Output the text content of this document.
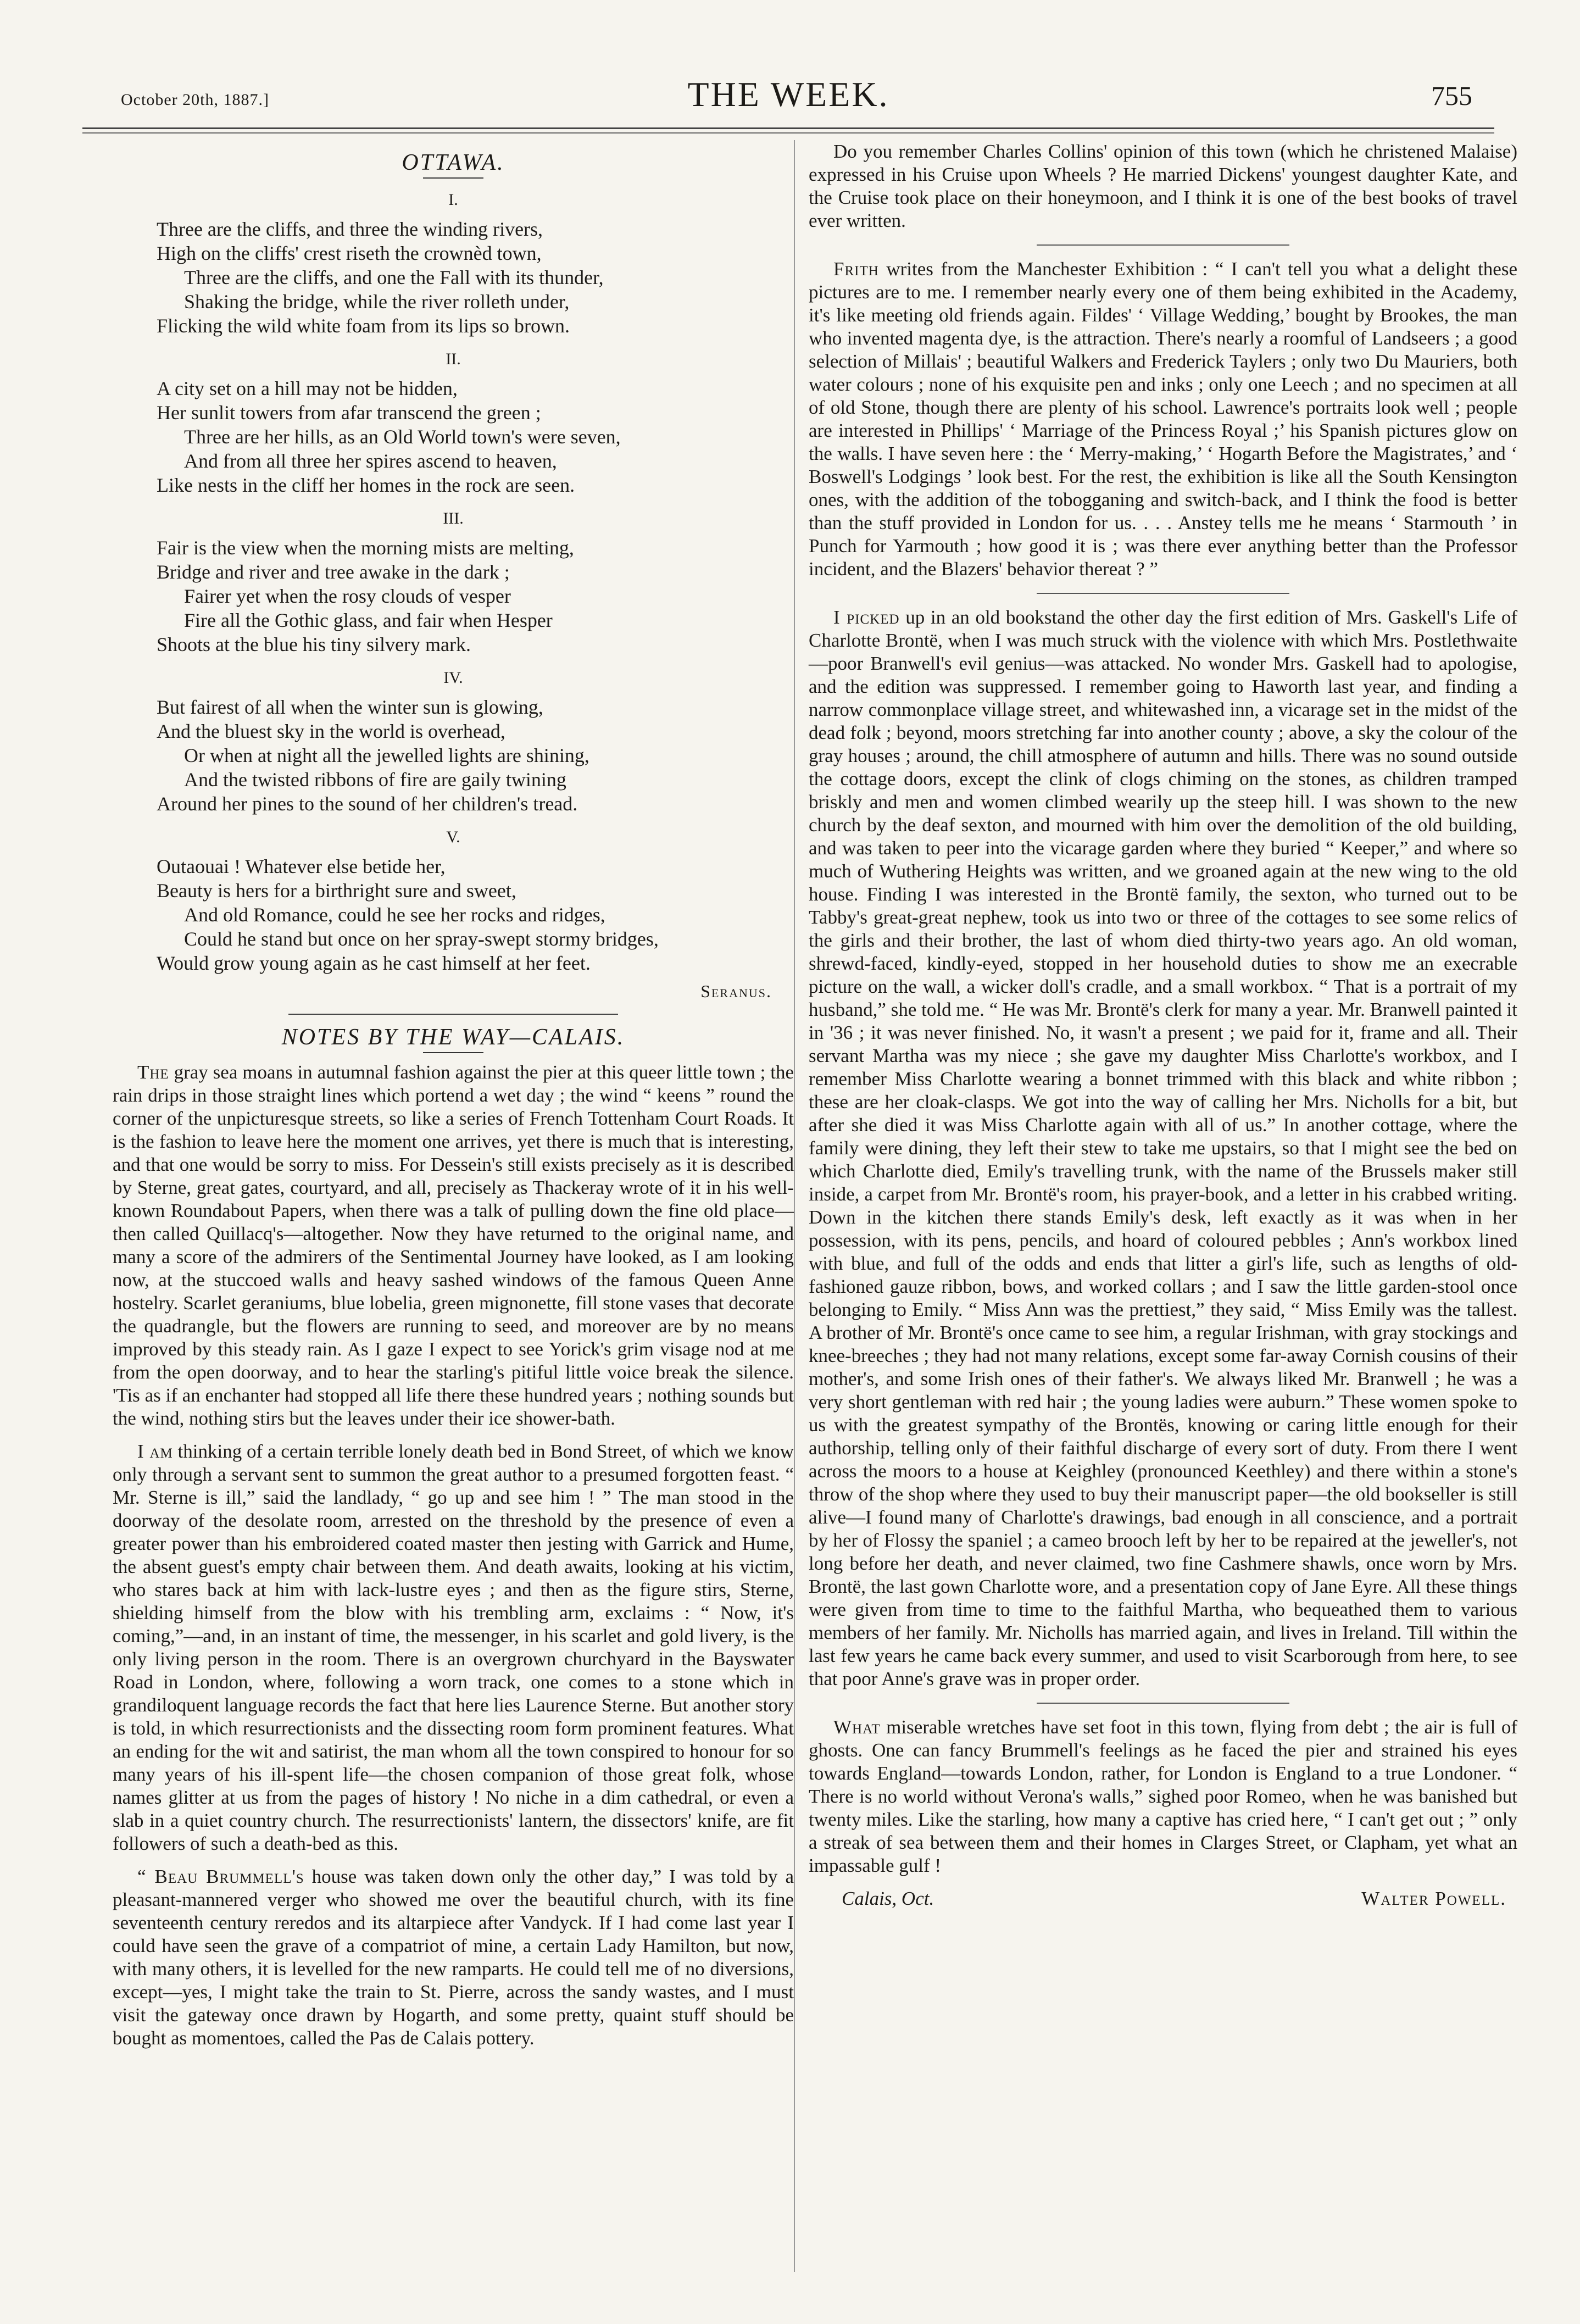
October 20th, 1887.]	THE WEEK.	755
OTTAWA.
I.
Three are the cliffs, and three the winding rivers,
High on the cliffs' crest riseth the crownèd town,
Three are the cliffs, and one the Fall with its thunder,
Shaking the bridge, while the river rolleth under,
Flicking the wild white foam from its lips so brown.
II.
A city set on a hill may not be hidden,
Her sunlit towers from afar transcend the green ;
Three are her hills, as an Old World town's were seven,
And from all three her spires ascend to heaven,
Like nests in the cliff her homes in the rock are seen.
III.
Fair is the view when the morning mists are melting,
Bridge and river and tree awake in the dark ;
Fairer yet when the rosy clouds of vesper
Fire all the Gothic glass, and fair when Hesper
Shoots at the blue his tiny silvery mark.
IV.
But fairest of all when the winter sun is glowing,
And the bluest sky in the world is overhead,
Or when at night all the jewelled lights are shining,
And the twisted ribbons of fire are gaily twining
Around her pines to the sound of her children's tread.
V.
Outaouai ! Whatever else betide her,
Beauty is hers for a birthright sure and sweet,
And old Romance, could he see her rocks and ridges,
Could he stand but once on her spray-swept stormy bridges,
Would grow young again as he cast himself at her feet.
Seranus.
NOTES BY THE WAY—CALAIS.

The gray sea moans in autumnal fashion against the pier at this queer little town ; the rain drips in those straight lines which portend a wet day ; the wind “ keens ” round the corner of the unpicturesque streets, so like a series of French Tottenham Court Roads. It is the fashion to leave here the moment one arrives, yet there is much that is interesting, and that one would be sorry to miss. For Dessein's still exists precisely as it is described by Sterne, great gates, courtyard, and all, precisely as Thackeray wrote of it in his well-known Roundabout Papers, when there was a talk of pulling down the fine old place—then called Quillacq's—altogether. Now they have returned to the original name, and many a score of the admirers of the Sentimental Journey have looked, as I am looking now, at the stuccoed walls and heavy sashed windows of the famous Queen Anne hostelry. Scarlet geraniums, blue lobelia, green mignonette, fill stone vases that decorate the quadrangle, but the flowers are running to seed, and moreover are by no means improved by this steady rain. As I gaze I expect to see Yorick's grim visage nod at me from the open doorway, and to hear the starling's pitiful little voice break the silence. 'Tis as if an enchanter had stopped all life there these hundred years ; nothing sounds but the wind, nothing stirs but the leaves under their ice shower-bath.

I am thinking of a certain terrible lonely death bed in Bond Street, of which we know only through a servant sent to summon the great author to a presumed forgotten feast. “ Mr. Sterne is ill,” said the landlady, “ go up and see him ! ” The man stood in the doorway of the desolate room, arrested on the threshold by the presence of even a greater power than his embroidered coated master then jesting with Garrick and Hume, the absent guest's empty chair between them. And death awaits, looking at his victim, who stares back at him with lack-lustre eyes ; and then as the figure stirs, Sterne, shielding himself from the blow with his trembling arm, exclaims : “ Now, it's coming,”—and, in an instant of time, the messenger, in his scarlet and gold livery, is the only living person in the room. There is an overgrown churchyard in the Bayswater Road in London, where, following a worn track, one comes to a stone which in grandiloquent language records the fact that here lies Laurence Sterne. But another story is told, in which resurrectionists and the dissecting room form prominent features. What an ending for the wit and satirist, the man whom all the town conspired to honour for so many years of his ill-spent life—the chosen companion of those great folk, whose names glitter at us from the pages of history ! No niche in a dim cathedral, or even a slab in a quiet country church. The resurrectionists' lantern, the dissectors' knife, are fit followers of such a death-bed as this.

“ Beau Brummell's house was taken down only the other day,” I was told by a pleasant-mannered verger who showed me over the beautiful church, with its fine seventeenth century reredos and its altarpiece after Vandyck. If I had come last year I could have seen the grave of a compatriot of mine, a certain Lady Hamilton, but now, with many others, it is levelled for the new ramparts. He could tell me of no diversions, except—yes, I might take the train to St. Pierre, across the sandy wastes, and I must visit the gateway once drawn by Hogarth, and some pretty, quaint stuff should be bought as momentoes, called the Pas de Calais pottery.

Do you remember Charles Collins' opinion of this town (which he christened Malaise) expressed in his Cruise upon Wheels ? He married Dickens' youngest daughter Kate, and the Cruise took place on their honeymoon, and I think it is one of the best books of travel ever written.

Frith writes from the Manchester Exhibition : “ I can't tell you what a delight these pictures are to me. I remember nearly every one of them being exhibited in the Academy, it's like meeting old friends again. Fildes' ‘ Village Wedding,’ bought by Brookes, the man who invented magenta dye, is the attraction. There's nearly a roomful of Landseers ; a good selection of Millais' ; beautiful Walkers and Frederick Taylers ; only two Du Mauriers, both water colours ; none of his exquisite pen and inks ; only one Leech ; and no specimen at all of old Stone, though there are plenty of his school. Lawrence's portraits look well ; people are interested in Phillips' ‘ Marriage of the Princess Royal ;’ his Spanish pictures glow on the walls. I have seven here : the ‘ Merry-making,’ ‘ Hogarth Before the Magistrates,’ and ‘ Boswell's Lodgings ’ look best. For the rest, the exhibition is like all the South Kensington ones, with the addition of the tobogganing and switch-back, and I think the food is better than the stuff provided in London for us. . . . Anstey tells me he means ‘ Starmouth ’ in Punch for Yarmouth ; how good it is ; was there ever anything better than the Professor incident, and the Blazers' behavior thereat ? ”

I picked up in an old bookstand the other day the first edition of Mrs. Gaskell's Life of Charlotte Brontë, when I was much struck with the violence with which Mrs. Postlethwaite—poor Branwell's evil genius—was attacked. No wonder Mrs. Gaskell had to apologise, and the edition was suppressed. I remember going to Haworth last year, and finding a narrow commonplace village street, and whitewashed inn, a vicarage set in the midst of the dead folk ; beyond, moors stretching far into another county ; above, a sky the colour of the gray houses ; around, the chill atmosphere of autumn and hills. There was no sound outside the cottage doors, except the clink of clogs chiming on the stones, as children tramped briskly and men and women climbed wearily up the steep hill. I was shown to the new church by the deaf sexton, and mourned with him over the demolition of the old building, and was taken to peer into the vicarage garden where they buried “ Keeper,” and where so much of Wuthering Heights was written, and we groaned again at the new wing to the old house. Finding I was interested in the Brontë family, the sexton, who turned out to be Tabby's great-great nephew, took us into two or three of the cottages to see some relics of the girls and their brother, the last of whom died thirty-two years ago. An old woman, shrewd-faced, kindly-eyed, stopped in her household duties to show me an execrable picture on the wall, a wicker doll's cradle, and a small workbox. “ That is a portrait of my husband,” she told me. “ He was Mr. Brontë's clerk for many a year. Mr. Branwell painted it in '36 ; it was never finished. No, it wasn't a present ; we paid for it, frame and all. Their servant Martha was my niece ; she gave my daughter Miss Charlotte's workbox, and I remember Miss Charlotte wearing a bonnet trimmed with this black and white ribbon ; these are her cloak-clasps. We got into the way of calling her Mrs. Nicholls for a bit, but after she died it was Miss Charlotte again with all of us.” In another cottage, where the family were dining, they left their stew to take me upstairs, so that I might see the bed on which Charlotte died, Emily's travelling trunk, with the name of the Brussels maker still inside, a carpet from Mr. Brontë's room, his prayer-book, and a letter in his crabbed writing. Down in the kitchen there stands Emily's desk, left exactly as it was when in her possession, with its pens, pencils, and hoard of coloured pebbles ; Ann's workbox lined with blue, and full of the odds and ends that litter a girl's life, such as lengths of old-fashioned gauze ribbon, bows, and worked collars ; and I saw the little garden-stool once belonging to Emily. “ Miss Ann was the prettiest,” they said, “ Miss Emily was the tallest. A brother of Mr. Brontë's once came to see him, a regular Irishman, with gray stockings and knee-breeches ; they had not many relations, except some far-away Cornish cousins of their mother's, and some Irish ones of their father's. We always liked Mr. Branwell ; he was a very short gentleman with red hair ; the young ladies were auburn.” These women spoke to us with the greatest sympathy of the Brontës, knowing or caring little enough for their authorship, telling only of their faithful discharge of every sort of duty. From there I went across the moors to a house at Keighley (pronounced Keethley) and there within a stone's throw of the shop where they used to buy their manuscript paper—the old bookseller is still alive—I found many of Charlotte's drawings, bad enough in all conscience, and a portrait by her of Flossy the spaniel ; a cameo brooch left by her to be repaired at the jeweller's, not long before her death, and never claimed, two fine Cashmere shawls, once worn by Mrs. Brontë, the last gown Charlotte wore, and a presentation copy of Jane Eyre. All these things were given from time to time to the faithful Martha, who bequeathed them to various members of her family. Mr. Nicholls has married again, and lives in Ireland. Till within the last few years he came back every summer, and used to visit Scarborough from here, to see that poor Anne's grave was in proper order.

What miserable wretches have set foot in this town, flying from debt ; the air is full of ghosts. One can fancy Brummell's feelings as he faced the pier and strained his eyes towards England—towards London, rather, for London is England to a true Londoner. “ There is no world without Verona's walls,” sighed poor Romeo, when he was banished but twenty miles. Like the starling, how many a captive has cried here, “ I can't get out ; ” only a streak of sea between them and their homes in Clarges Street, or Clapham, yet what an impassable gulf !

Walter Powell.
Calais, Oct.
